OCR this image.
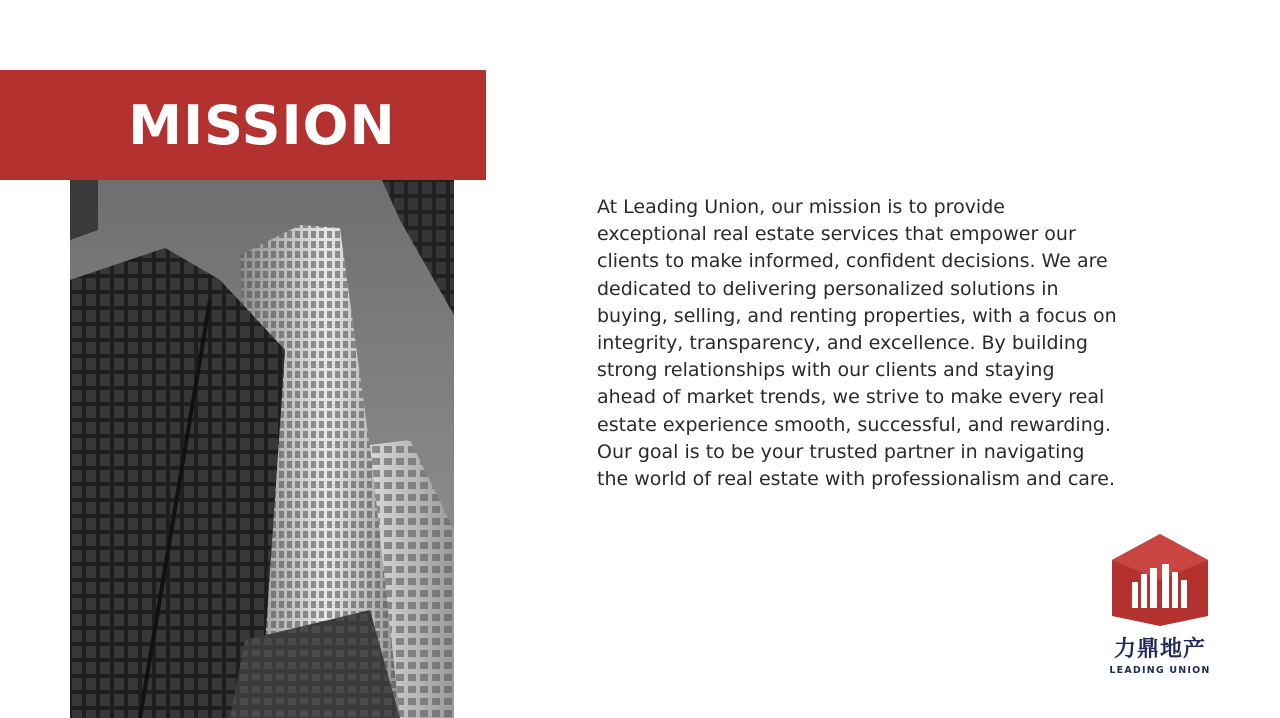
MISSION

At Leading Union, our mission is to provide exceptional real estate services that empower our clients to make informed, confident decisions. We are dedicated to delivering personalized solutions in buying, selling, and renting properties, with a focus on integrity, transparency, and excellence. By building strong relationships with our clients and staying ahead of market trends, we strive to make every real estate experience smooth, successful, and rewarding. Our goal is to be your trusted partner in navigating the world of real estate with professionalism and care.

力鼎地产
LEADING UNION
